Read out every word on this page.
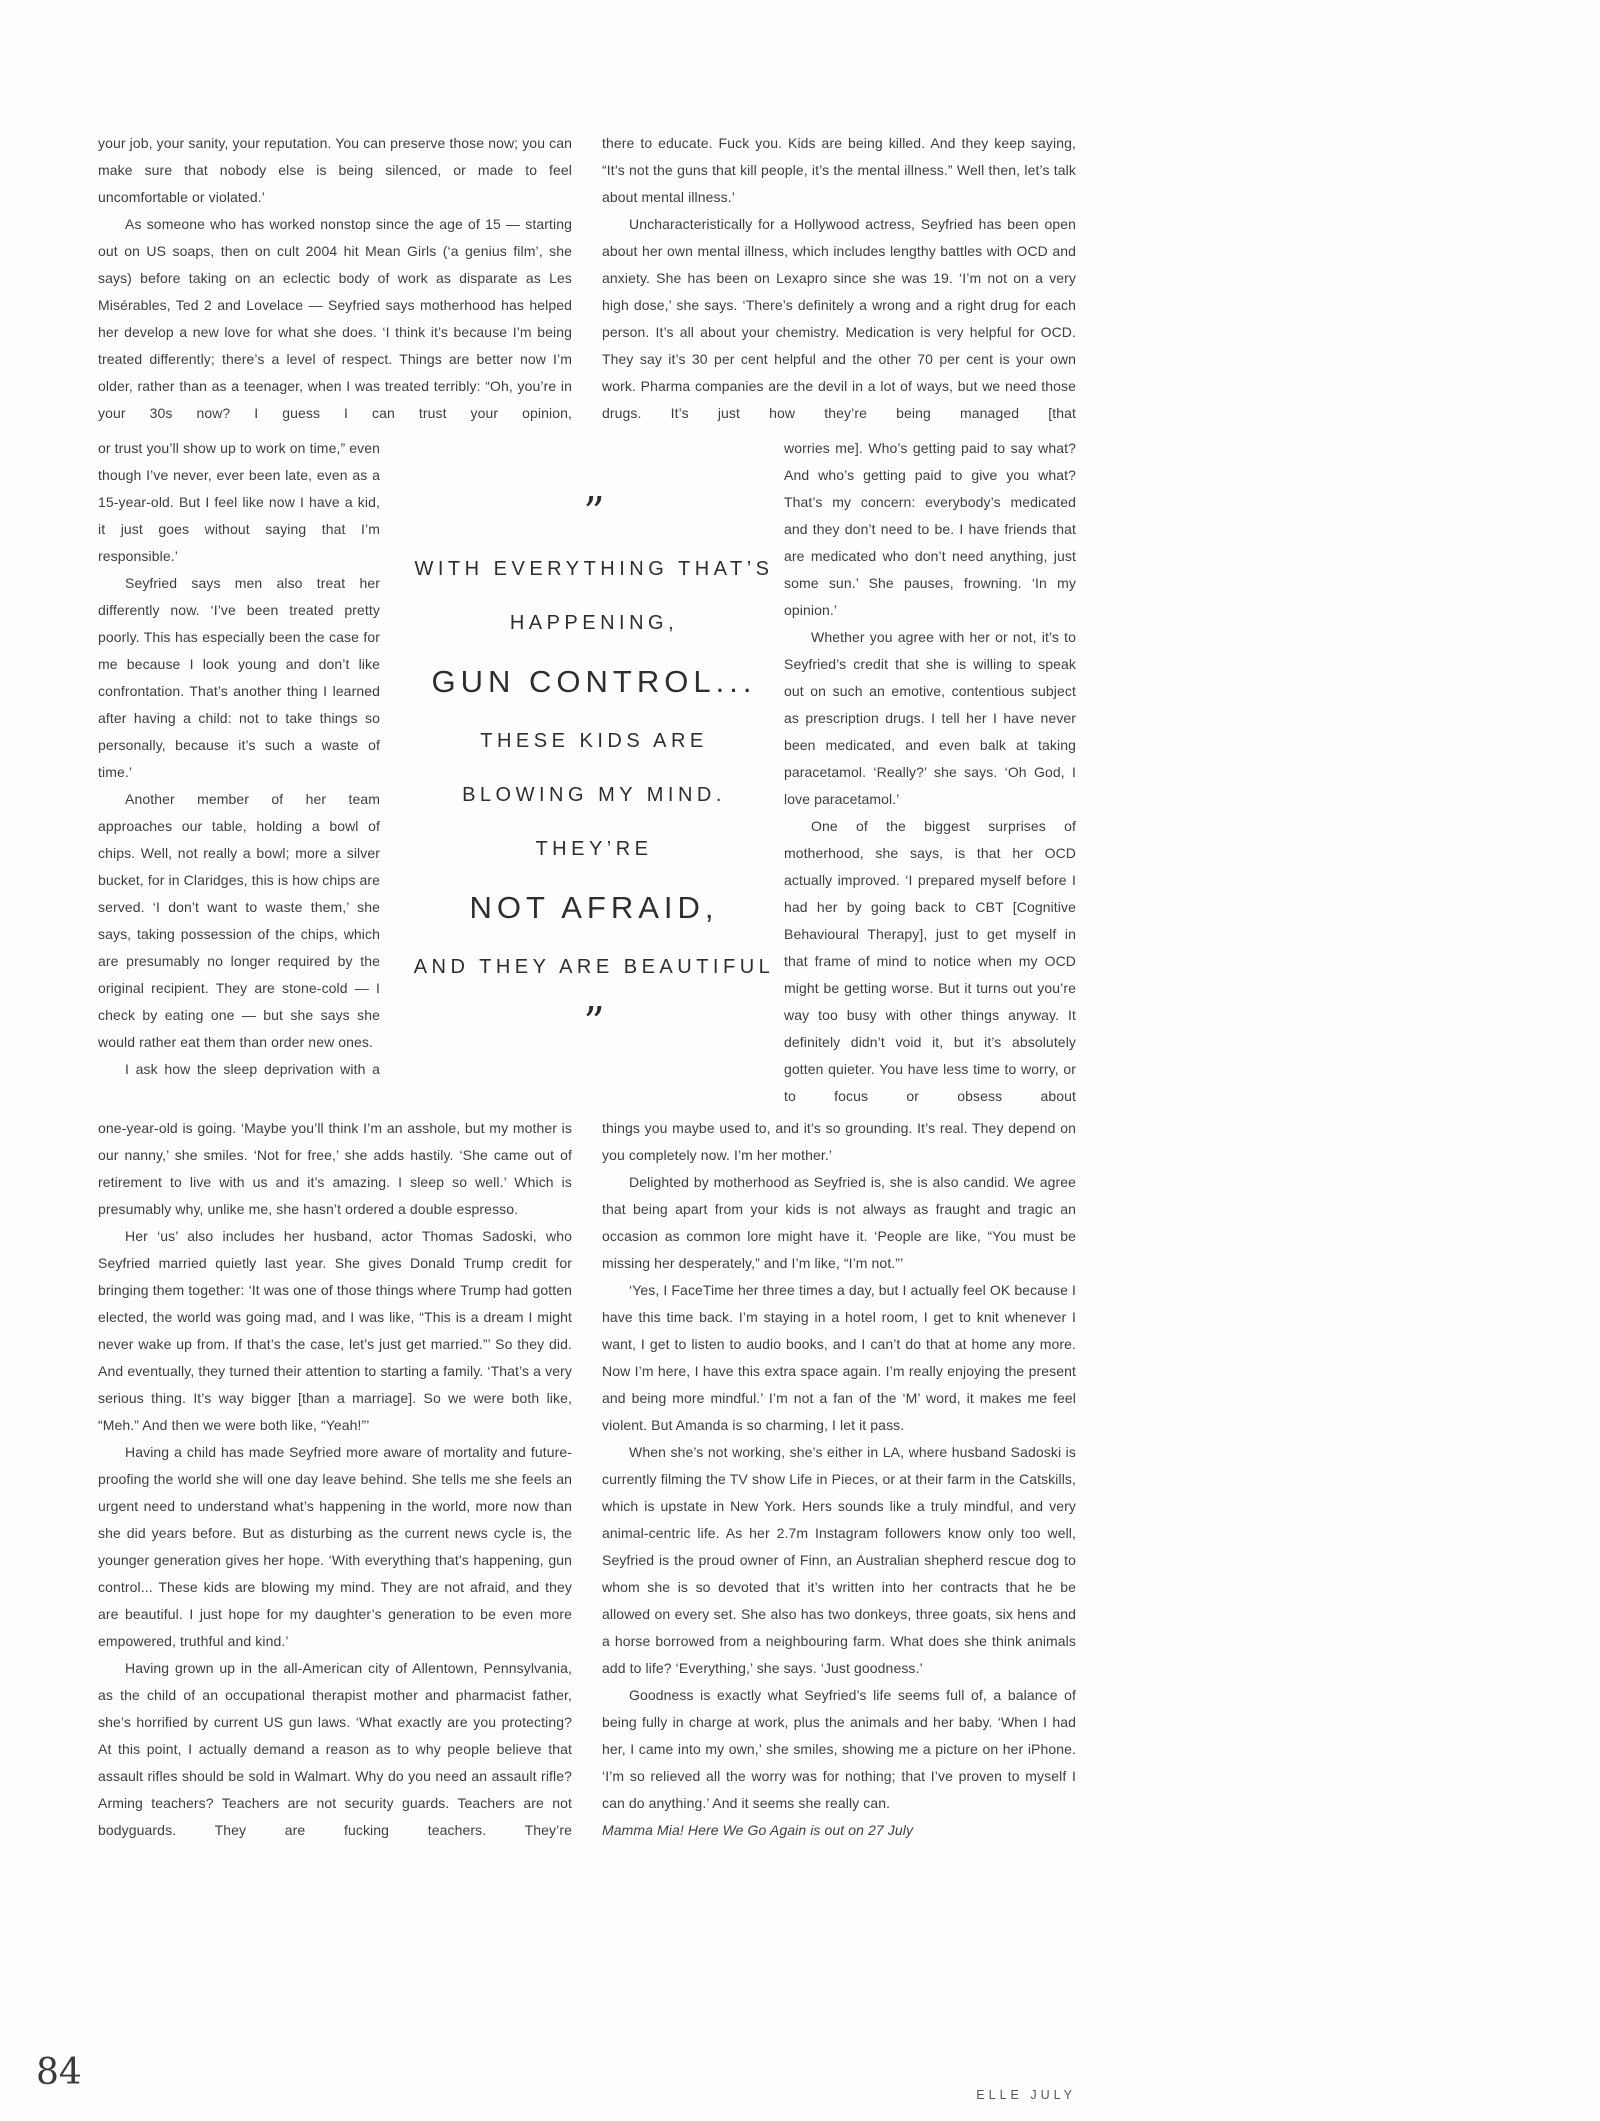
your job, your sanity, your reputation. You can preserve those now; you can make sure that nobody else is being silenced, or made to feel uncomfortable or violated.’

As someone who has worked nonstop since the age of 15 — starting out on US soaps, then on cult 2004 hit Mean Girls (‘a genius film’, she says) before taking on an eclectic body of work as disparate as Les Misérables, Ted 2 and Lovelace — Seyfried says motherhood has helped her develop a new love for what she does. ‘I think it’s because I’m being treated differently; there’s a level of respect. Things are better now I’m older, rather than as a teenager, when I was treated terribly: “Oh, you’re in your 30s now? I guess I can trust your opinion,

there to educate. Fuck you. Kids are being killed. And they keep saying, “It’s not the guns that kill people, it’s the mental illness.” Well then, let’s talk about mental illness.’

Uncharacteristically for a Hollywood actress, Seyfried has been open about her own mental illness, which includes lengthy battles with OCD and anxiety. She has been on Lexapro since she was 19. ‘I’m not on a very high dose,’ she says. ‘There’s definitely a wrong and a right drug for each person. It’s all about your chemistry. Medication is very helpful for OCD. They say it’s 30 per cent helpful and the other 70 per cent is your own work. Pharma companies are the devil in a lot of ways, but we need those drugs. It’s just how they’re being managed [that

or trust you’ll show up to work on time,” even though I’ve never, ever been late, even as a 15-year-old. But I feel like now I have a kid, it just goes without saying that I’m responsible.’

Seyfried says men also treat her differently now. ‘I’ve been treated pretty poorly. This has especially been the case for me because I look young and don’t like confrontation. That’s another thing I learned after having a child: not to take things so personally, because it’s such a waste of time.’

Another member of her team approaches our table, holding a bowl of chips. Well, not really a bowl; more a silver bucket, for in Claridges, this is how chips are served. ‘I don’t want to waste them,’ she says, taking possession of the chips, which are presumably no longer required by the original recipient. They are stone-cold — I check by eating one — but she says she would rather eat them than order new ones.

I ask how the sleep deprivation with a

”
WITH EVERYTHING THAT’S
HAPPENING,
GUN CONTROL...
THESE KIDS ARE
BLOWING MY MIND.
THEY’RE
NOT AFRAID,
AND THEY ARE BEAUTIFUL
”

worries me]. Who’s getting paid to say what? And who’s getting paid to give you what? That’s my concern: everybody’s medicated and they don’t need to be. I have friends that are medicated who don’t need anything, just some sun.’ She pauses, frowning. ‘In my opinion.’

Whether you agree with her or not, it’s to Seyfried’s credit that she is willing to speak out on such an emotive, contentious subject as prescription drugs. I tell her I have never been medicated, and even balk at taking paracetamol. ‘Really?’ she says. ‘Oh God, I love paracetamol.’

One of the biggest surprises of motherhood, she says, is that her OCD actually improved. ‘I prepared myself before I had her by going back to CBT [Cognitive Behavioural Therapy], just to get myself in that frame of mind to notice when my OCD might be getting worse. But it turns out you’re way too busy with other things anyway. It definitely didn’t void it, but it’s absolutely gotten quieter. You have less time to worry, or to focus or obsess about

one-year-old is going. ‘Maybe you’ll think I’m an asshole, but my mother is our nanny,’ she smiles. ‘Not for free,’ she adds hastily. ‘She came out of retirement to live with us and it’s amazing. I sleep so well.’ Which is presumably why, unlike me, she hasn’t ordered a double espresso.

Her ‘us’ also includes her husband, actor Thomas Sadoski, who Seyfried married quietly last year. She gives Donald Trump credit for bringing them together: ‘It was one of those things where Trump had gotten elected, the world was going mad, and I was like, “This is a dream I might never wake up from. If that’s the case, let’s just get married.”’ So they did. And eventually, they turned their attention to starting a family. ‘That’s a very serious thing. It’s way bigger [than a marriage]. So we were both like, “Meh.” And then we were both like, “Yeah!”’

Having a child has made Seyfried more aware of mortality and future-proofing the world she will one day leave behind. She tells me she feels an urgent need to understand what’s happening in the world, more now than she did years before. But as disturbing as the current news cycle is, the younger generation gives her hope. ‘With everything that’s happening, gun control... These kids are blowing my mind. They are not afraid, and they are beautiful. I just hope for my daughter’s generation to be even more empowered, truthful and kind.’

Having grown up in the all-American city of Allentown, Pennsylvania, as the child of an occupational therapist mother and pharmacist father, she’s horrified by current US gun laws. ‘What exactly are you protecting? At this point, I actually demand a reason as to why people believe that assault rifles should be sold in Walmart. Why do you need an assault rifle? Arming teachers? Teachers are not security guards. Teachers are not bodyguards. They are fucking teachers. They’re

things you maybe used to, and it’s so grounding. It’s real. They depend on you completely now. I’m her mother.’

Delighted by motherhood as Seyfried is, she is also candid. We agree that being apart from your kids is not always as fraught and tragic an occasion as common lore might have it. ‘People are like, “You must be missing her desperately,” and I’m like, “I’m not.”’

‘Yes, I FaceTime her three times a day, but I actually feel OK because I have this time back. I’m staying in a hotel room, I get to knit whenever I want, I get to listen to audio books, and I can’t do that at home any more. Now I’m here, I have this extra space again. I’m really enjoying the present and being more mindful.’ I’m not a fan of the ‘M’ word, it makes me feel violent. But Amanda is so charming, I let it pass.

When she’s not working, she’s either in LA, where husband Sadoski is currently filming the TV show Life in Pieces, or at their farm in the Catskills, which is upstate in New York. Hers sounds like a truly mindful, and very animal-centric life. As her 2.7m Instagram followers know only too well, Seyfried is the proud owner of Finn, an Australian shepherd rescue dog to whom she is so devoted that it’s written into her contracts that he be allowed on every set. She also has two donkeys, three goats, six hens and a horse borrowed from a neighbouring farm. What does she think animals add to life? ‘Everything,’ she says. ‘Just goodness.’

Goodness is exactly what Seyfried’s life seems full of, a balance of being fully in charge at work, plus the animals and her baby. ‘When I had her, I came into my own,’ she smiles, showing me a picture on her iPhone. ‘I’m so relieved all the worry was for nothing; that I’ve proven to myself I can do anything.’ And it seems she really can.

Mamma Mia! Here We Go Again is out on 27 July

84
ELLE JULY
